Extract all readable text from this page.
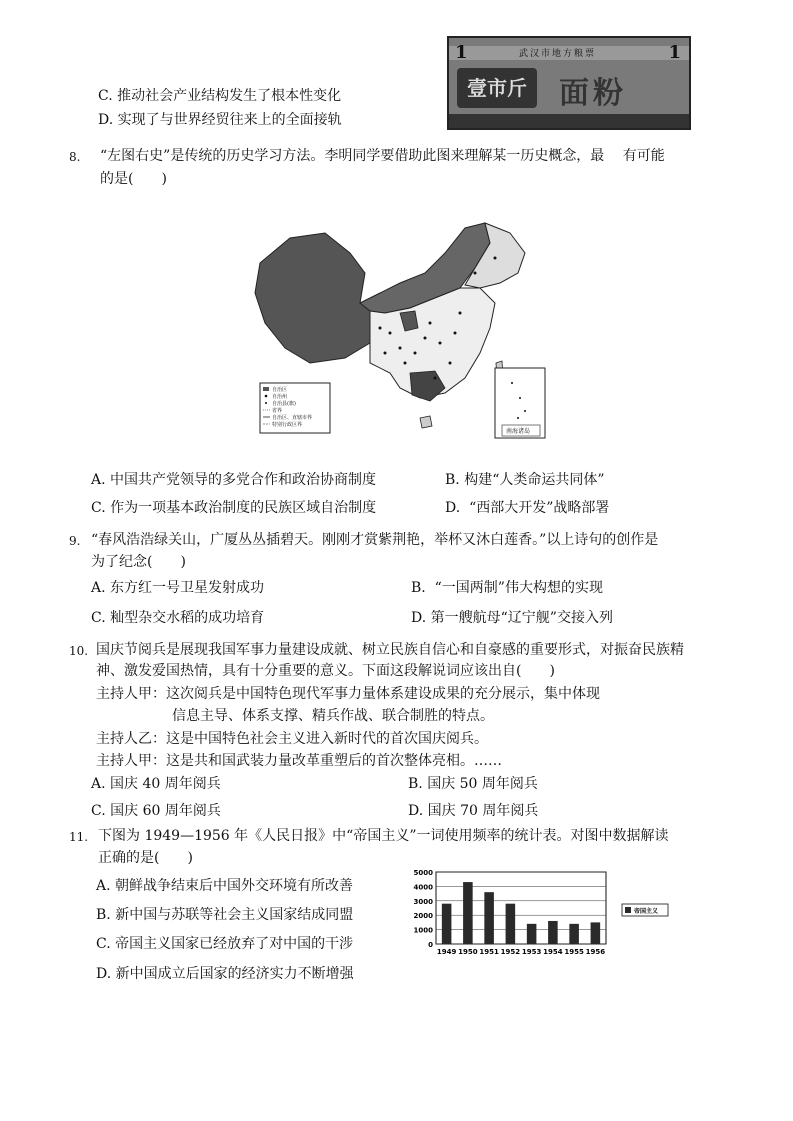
1	武汉市地方粮票	1
壹市斤	面粉
C. 推动社会产业结构发生了根本性变化
D. 实现了与世界经贸往来上的全面接轨
8. “左图右史”是传统的历史学习方法。李明同学要借助此图来理解某一历史概念，最　 有可能
的是(　　)
自治区
自治州
自治县(旗)
省界
自治区、直辖市界
特别行政区界
南海诸岛
A. 中国共产党领导的多党合作和政治协商制度	B. 构建“人类命运共同体”
C. 作为一项基本政治制度的民族区域自治制度	D.  “西部大开发”战略部署
9. “春风浩浩绿关山，广厦丛丛插碧天。刚刚才赏紫荆艳，举杯又沐白莲香。”以上诗句的创作是
为了纪念(　　)
A. 东方红一号卫星发射成功	B.  “一国两制”伟大构想的实现
C. 籼型杂交水稻的成功培育	D. 第一艘航母“辽宁舰”交接入列
10. 国庆节阅兵是展现我国军事力量建设成就、树立民族自信心和自豪感的重要形式，对振奋民族精
神、激发爱国热情，具有十分重要的意义。下面这段解说词应该出自(　　)
主持人甲：这次阅兵是中国特色现代军事力量体系建设成果的充分展示，集中体现
信息主导、体系支撑、精兵作战、联合制胜的特点。
主持人乙：这是中国特色社会主义进入新时代的首次国庆阅兵。
主持人甲：这是共和国武装力量改革重塑后的首次整体亮相。……
A. 国庆 40 周年阅兵	B. 国庆 50 周年阅兵
C. 国庆 60 周年阅兵	D. 国庆 70 周年阅兵
11. 下图为 1949—1956 年《人民日报》中“帝国主义”一词使用频率的统计表。对图中数据解读
正确的是(　　)
A. 朝鲜战争结束后中国外交环境有所改善
B. 新中国与苏联等社会主义国家结成同盟
C. 帝国主义国家已经放弃了对中国的干涉
D. 新中国成立后国家的经济实力不断增强
5000
4000
3000
2000
1000
0
1949 1950 1951 1952 1953 1954 1955 1956
帝国主义
